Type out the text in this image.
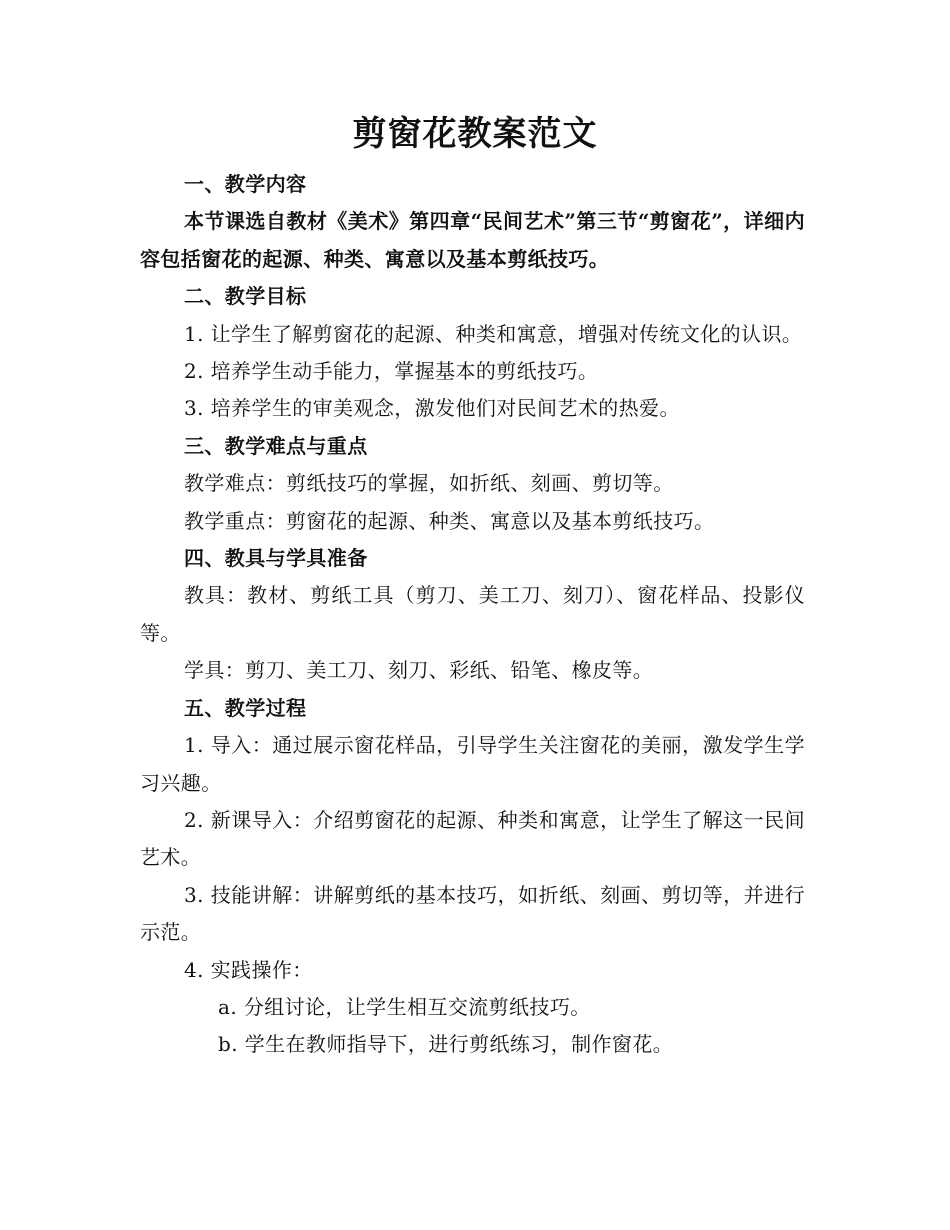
剪窗花教案范文

一、教学内容

本节课选自教材《美术》第四章“民间艺术”第三节“剪窗花”，详细内容包括窗花的起源、种类、寓意以及基本剪纸技巧。

二、教学目标

1. 让学生了解剪窗花的起源、种类和寓意，增强对传统文化的认识。

2. 培养学生动手能力，掌握基本的剪纸技巧。

3. 培养学生的审美观念，激发他们对民间艺术的热爱。

三、教学难点与重点

教学难点：剪纸技巧的掌握，如折纸、刻画、剪切等。

教学重点：剪窗花的起源、种类、寓意以及基本剪纸技巧。

四、教具与学具准备

教具：教材、剪纸工具（剪刀、美工刀、刻刀）、窗花样品、投影仪等。

学具：剪刀、美工刀、刻刀、彩纸、铅笔、橡皮等。

五、教学过程

1. 导入：通过展示窗花样品，引导学生关注窗花的美丽，激发学生学习兴趣。

2. 新课导入：介绍剪窗花的起源、种类和寓意，让学生了解这一民间艺术。

3. 技能讲解：讲解剪纸的基本技巧，如折纸、刻画、剪切等，并进行示范。

4. 实践操作：

a. 分组讨论，让学生相互交流剪纸技巧。

b. 学生在教师指导下，进行剪纸练习，制作窗花。
